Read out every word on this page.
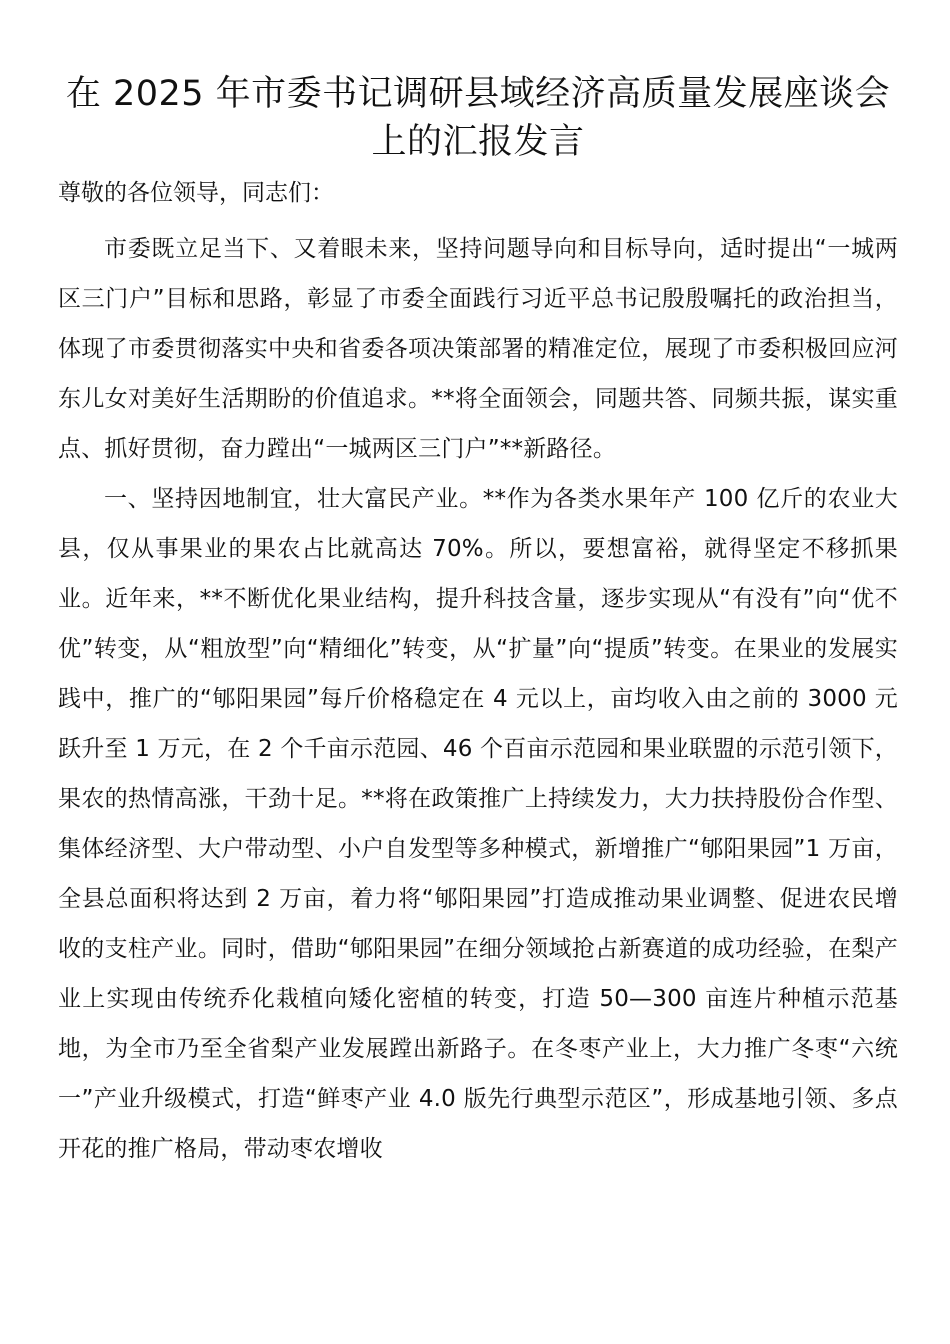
在 2025 年市委书记调研县域经济高质量发展座谈会上的汇报发言

尊敬的各位领导，同志们：

市委既立足当下、又着眼未来，坚持问题导向和目标导向，适时提出“一城两区三门户”目标和思路，彰显了市委全面践行习近平总书记殷殷嘱托的政治担当，体现了市委贯彻落实中央和省委各项决策部署的精准定位，展现了市委积极回应河东儿女对美好生活期盼的价值追求。**将全面领会，同题共答、同频共振，谋实重点、抓好贯彻，奋力蹚出“一城两区三门户”**新路径。

一、坚持因地制宜，壮大富民产业。**作为各类水果年产 100 亿斤的农业大县，仅从事果业的果农占比就高达 70%。所以，要想富裕，就得坚定不移抓果业。近年来，**不断优化果业结构，提升科技含量，逐步实现从“有没有”向“优不优”转变，从“粗放型”向“精细化”转变，从“扩量”向“提质”转变。在果业的发展实践中，推广的“郇阳果园”每斤价格稳定在 4 元以上，亩均收入由之前的 3000 元跃升至 1 万元，在 2 个千亩示范园、46 个百亩示范园和果业联盟的示范引领下，果农的热情高涨，干劲十足。**将在政策推广上持续发力，大力扶持股份合作型、集体经济型、大户带动型、小户自发型等多种模式，新增推广“郇阳果园”1 万亩，全县总面积将达到 2 万亩，着力将“郇阳果园”打造成推动果业调整、促进农民增收的支柱产业。同时，借助“郇阳果园”在细分领域抢占新赛道的成功经验，在梨产业上实现由传统乔化栽植向矮化密植的转变，打造 50—300 亩连片种植示范基地，为全市乃至全省梨产业发展蹚出新路子。在冬枣产业上，大力推广冬枣“六统一”产业升级模式，打造“鲜枣产业 4.0 版先行典型示范区”，形成基地引领、多点开花的推广格局，带动枣农增收
